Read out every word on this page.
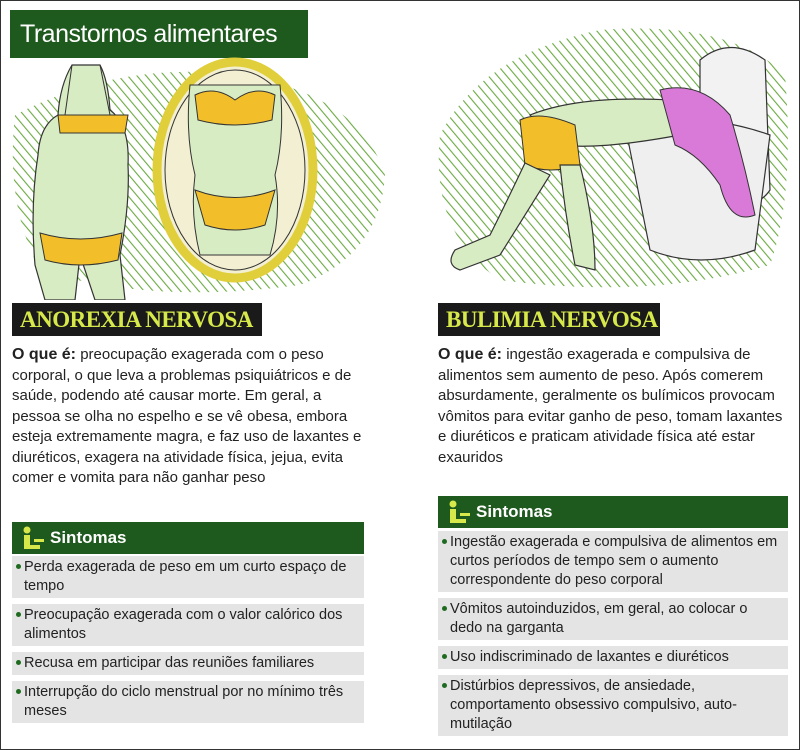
Transtornos alimentares
ANOREXIA NERVOSA
O que é: preocupação exagerada com o peso corporal, o que leva a problemas psiquiátricos e de saúde, podendo até causar morte. Em geral, a pessoa se olha no espelho e se vê obesa, embora esteja extremamente magra, e faz uso de laxantes e diuréticos, exagera na atividade física, jejua, evita comer e vomita para não ganhar peso
Sintomas
Perda exagerada de peso em um curto espaço de tempo
Preocupação exagerada com o valor calórico dos alimentos
Recusa em participar das reuniões familiares
Interrupção do ciclo menstrual por no mínimo três meses
BULIMIA NERVOSA
O que é: ingestão exagerada e compulsiva de alimentos sem aumento de peso. Após comerem absurdamente, geralmente os bulímicos provocam vômitos para evitar ganho de peso, tomam laxantes e diuréticos e praticam atividade física até estar exauridos
Sintomas
Ingestão exagerada e compulsiva de alimentos em curtos períodos de tempo sem o aumento correspondente do peso corporal
Vômitos autoinduzidos, em geral, ao colocar o dedo na garganta
Uso indiscriminado de laxantes e diuréticos
Distúrbios depressivos, de ansiedade, comportamento obsessivo compulsivo, auto-mutilação
